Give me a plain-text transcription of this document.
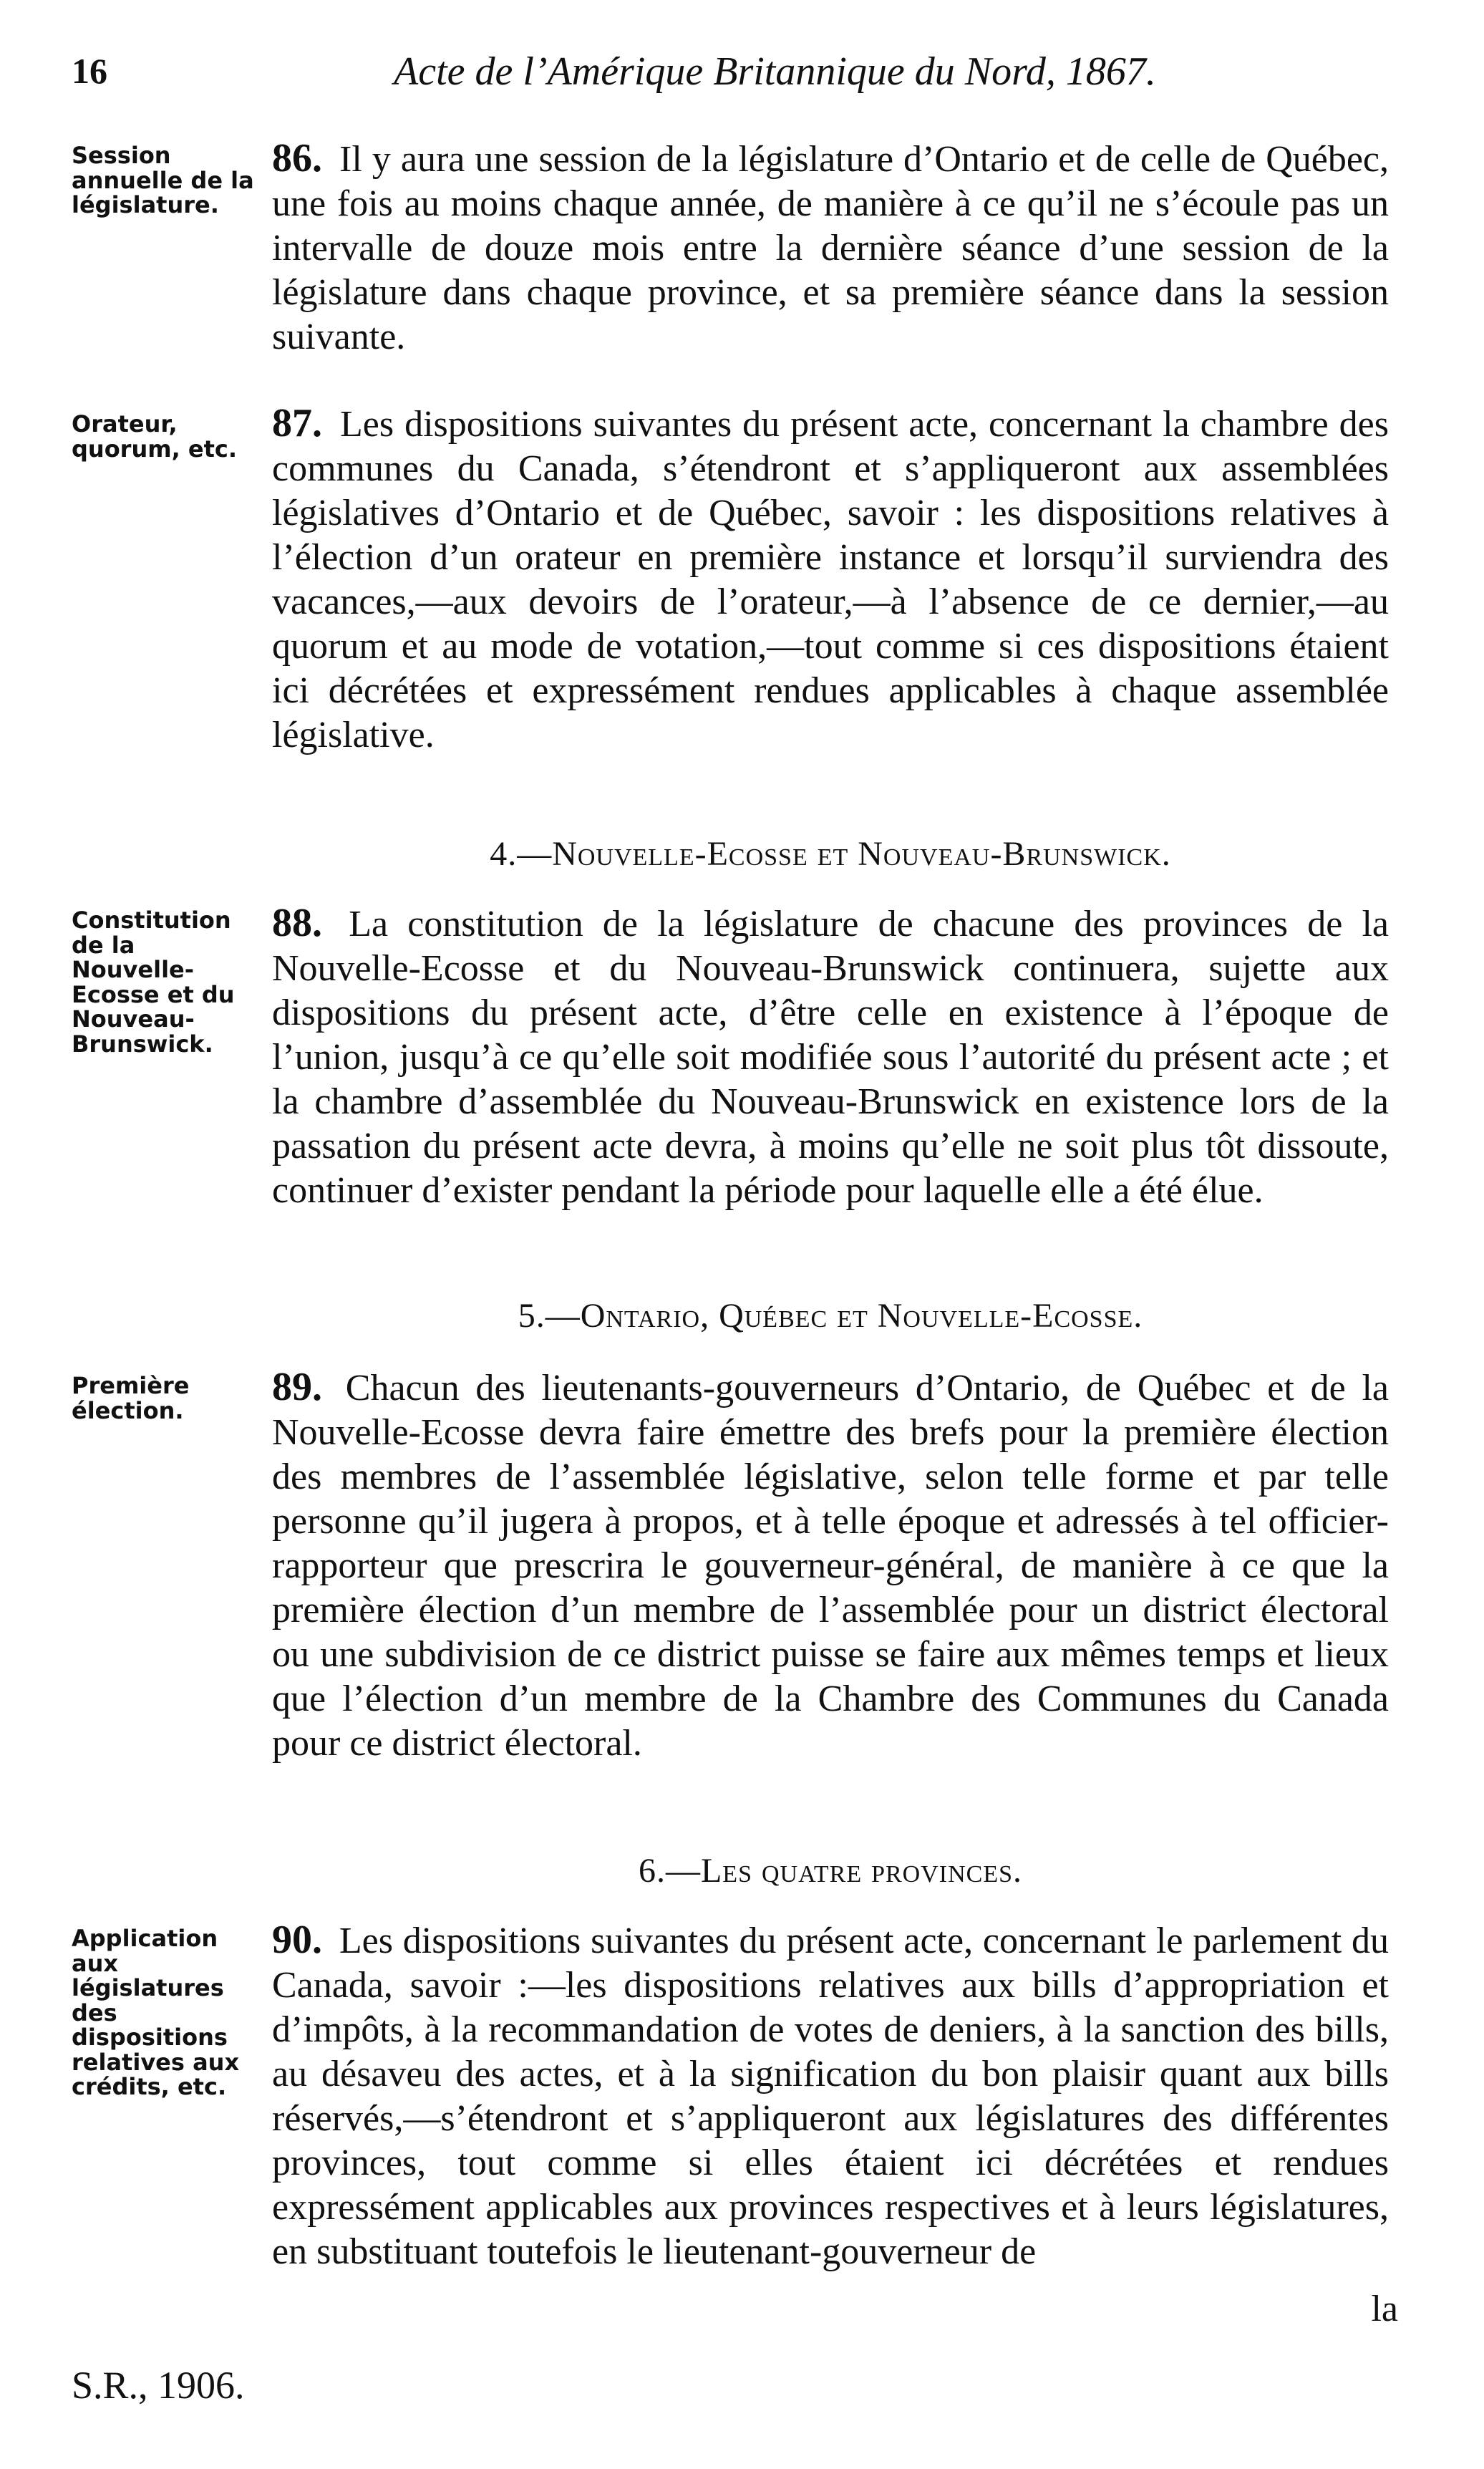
16	Acte de l’Amérique Britannique du Nord, 1867.

Session annuelle de la législature.

86. Il y aura une session de la législature d’Ontario et de celle de Québec, une fois au moins chaque année, de manière à ce qu’il ne s’écoule pas un intervalle de douze mois entre la dernière séance d’une session de la législature dans chaque province, et sa première séance dans la session suivante.

Orateur, quorum, etc.

87. Les dispositions suivantes du présent acte, concernant la chambre des communes du Canada, s’étendront et s’appliqueront aux assemblées législatives d’Ontario et de Québec, savoir : les dispositions relatives à l’élection d’un orateur en première instance et lorsqu’il surviendra des vacances,—aux devoirs de l’orateur,—à l’absence de ce dernier,—au quorum et au mode de votation,—tout comme si ces dispositions étaient ici décrétées et expressément rendues applicables à chaque assemblée législative.

4.—Nouvelle-Ecosse et Nouveau-Brunswick.

Constitution de la Nouvelle-Ecosse et du Nouveau-Brunswick.

88. La constitution de la législature de chacune des provinces de la Nouvelle-Ecosse et du Nouveau-Brunswick continuera, sujette aux dispositions du présent acte, d’être celle en existence à l’époque de l’union, jusqu’à ce qu’elle soit modifiée sous l’autorité du présent acte ; et la chambre d’assemblée du Nouveau-Brunswick en existence lors de la passation du présent acte devra, à moins qu’elle ne soit plus tôt dissoute, continuer d’exister pendant la période pour laquelle elle a été élue.

5.—Ontario, Québec et Nouvelle-Ecosse.

Première élection.

89. Chacun des lieutenants-gouverneurs d’Ontario, de Québec et de la Nouvelle-Ecosse devra faire émettre des brefs pour la première élection des membres de l’assemblée législative, selon telle forme et par telle personne qu’il jugera à propos, et à telle époque et adressés à tel officier-rapporteur que prescrira le gouverneur-général, de manière à ce que la première élection d’un membre de l’assemblée pour un district électoral ou une subdivision de ce district puisse se faire aux mêmes temps et lieux que l’élection d’un membre de la Chambre des Communes du Canada pour ce district électoral.

6.—Les quatre provinces.

Application aux législatures des dispositions relatives aux crédits, etc.

90. Les dispositions suivantes du présent acte, concernant le parlement du Canada, savoir :—les dispositions relatives aux bills d’appropriation et d’impôts, à la recommandation de votes de deniers, à la sanction des bills, au désaveu des actes, et à la signification du bon plaisir quant aux bills réservés,—s’étendront et s’appliqueront aux législatures des différentes provinces, tout comme si elles étaient ici décrétées et rendues expressément applicables aux provinces respectives et à leurs législatures, en substituant toutefois le lieutenant-gouverneur de

la
S.R., 1906.
